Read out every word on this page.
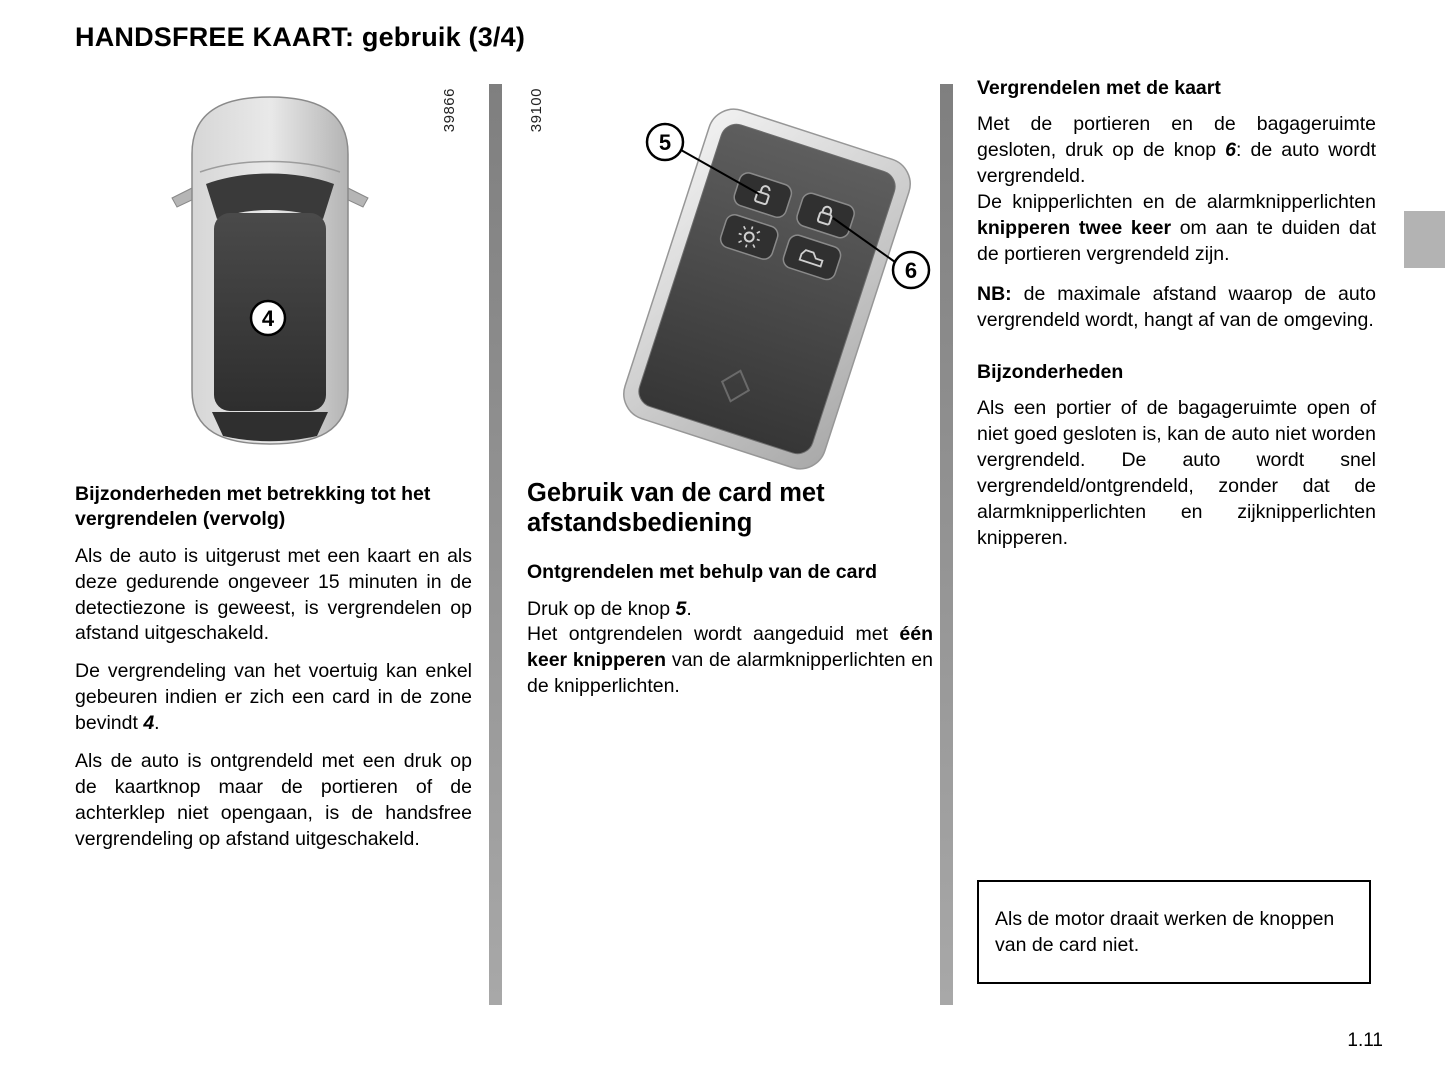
HANDSFREE KAART: gebruik (3/4)
39866
4
39100
5
6
Bijzonderheden met betrekking tot het vergrendelen (vervolg)

Als de auto is uitgerust met een kaart en als deze gedurende ongeveer 15 minuten in de detectiezone is geweest, is vergrendelen op afstand uitgeschakeld.

De vergrendeling van het voertuig kan enkel gebeuren indien er zich een card in de zone bevindt 4.

Als de auto is ontgrendeld met een druk op de kaartknop maar de portieren of de achterklep niet opengaan, is de handsfree vergrendeling op afstand uitgeschakeld.

Gebruik van de card met afstandsbediening
Ontgrendelen met behulp van de card

Druk op de knop 5.

Het ontgrendelen wordt aangeduid met één keer knipperen van de alarmknipperlichten en de knipperlichten.

Vergrendelen met de kaart

Met de portieren en de bagageruimte gesloten, druk op de knop 6: de auto wordt vergrendeld.

De knipperlichten en de alarmknipperlichten knipperen twee keer om aan te duiden dat de portieren vergrendeld zijn.

NB: de maximale afstand waarop de auto vergrendeld wordt, hangt af van de omgeving.

Bijzonderheden

Als een portier of de bagageruimte open of niet goed gesloten is, kan de auto niet worden vergrendeld. De auto wordt snel vergrendeld/ontgrendeld, zonder dat de alarmknipperlichten en zijknipperlichten knipperen.

Als de motor draait werken de knoppen van de card niet.

1.11
